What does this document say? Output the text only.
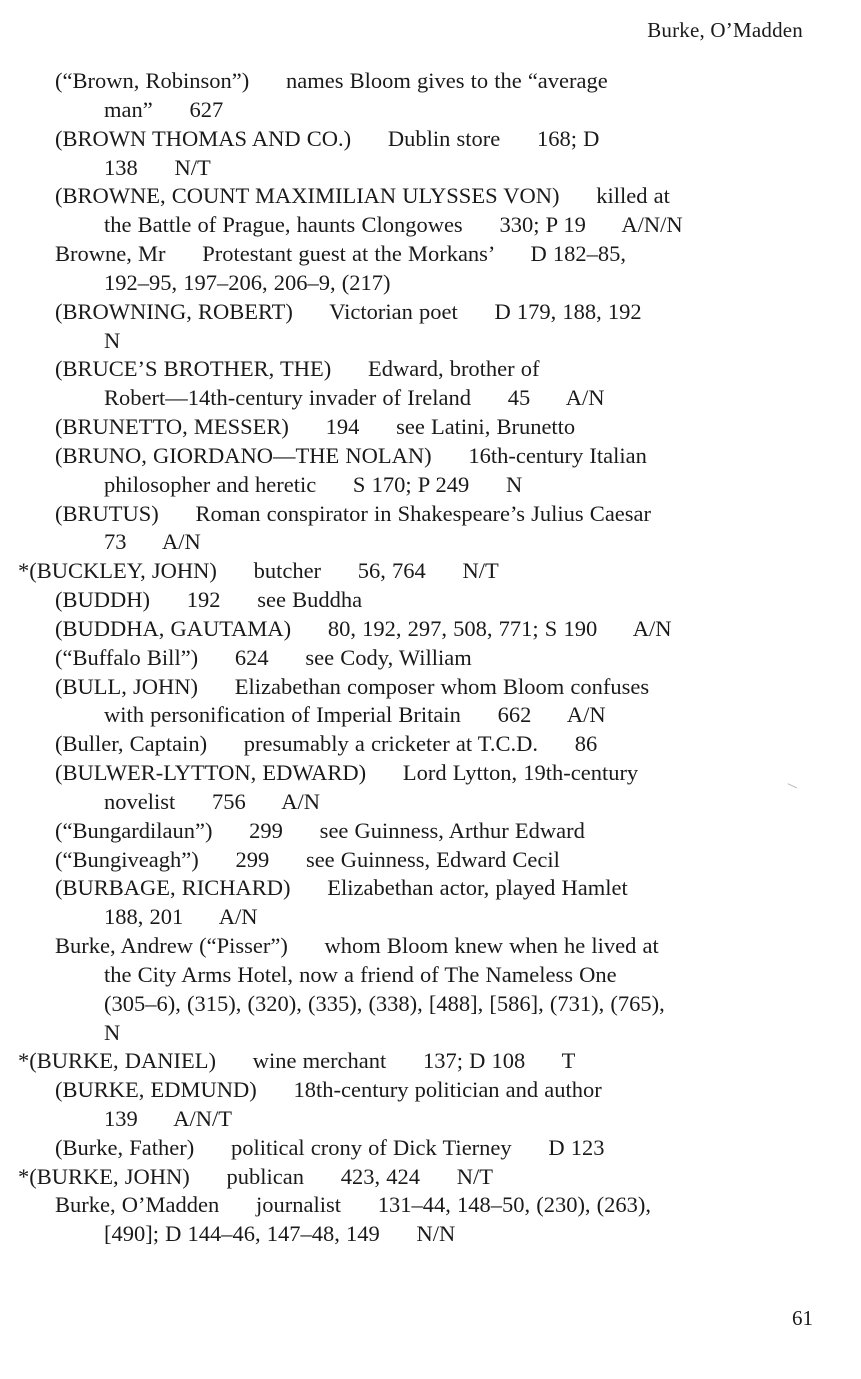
Burke, O’Madden
(“Brown, Robinson”)      names Bloom gives to the “average
man”      627
(BROWN THOMAS AND CO.)      Dublin store      168; D
138      N/T
(BROWNE, COUNT MAXIMILIAN ULYSSES VON)      killed at
the Battle of Prague, haunts Clongowes      330; P 19      A/N/N
Browne, Mr      Protestant guest at the Morkans’      D 182–85,
192–95, 197–206, 206–9, (217)
(BROWNING, ROBERT)      Victorian poet      D 179, 188, 192
N
(BRUCE’S BROTHER, THE)      Edward, brother of
Robert—14th-century invader of Ireland      45      A/N
(BRUNETTO, MESSER)      194      see Latini, Brunetto
(BRUNO, GIORDANO—THE NOLAN)      16th-century Italian
philosopher and heretic      S 170; P 249      N
(BRUTUS)      Roman conspirator in Shakespeare’s Julius Caesar
73      A/N
*(BUCKLEY, JOHN)      butcher      56, 764      N/T
(BUDDH)      192      see Buddha
(BUDDHA, GAUTAMA)      80, 192, 297, 508, 771; S 190      A/N
(“Buffalo Bill”)      624      see Cody, William
(BULL, JOHN)      Elizabethan composer whom Bloom confuses
with personification of Imperial Britain      662      A/N
(Buller, Captain)      presumably a cricketer at T.C.D.      86
(BULWER-LYTTON, EDWARD)      Lord Lytton, 19th-century
novelist      756      A/N
(“Bungardilaun”)      299      see Guinness, Arthur Edward
(“Bungiveagh”)      299      see Guinness, Edward Cecil
(BURBAGE, RICHARD)      Elizabethan actor, played Hamlet
188, 201      A/N
Burke, Andrew (“Pisser”)      whom Bloom knew when he lived at
the City Arms Hotel, now a friend of The Nameless One
(305–6), (315), (320), (335), (338), [488], [586], (731), (765),
N
*(BURKE, DANIEL)      wine merchant      137; D 108      T
(BURKE, EDMUND)      18th-century politician and author
139      A/N/T
(Burke, Father)      political crony of Dick Tierney      D 123
*(BURKE, JOHN)      publican      423, 424      N/T
Burke, O’Madden      journalist      131–44, 148–50, (230), (263),
[490]; D 144–46, 147–48, 149      N/N
61
